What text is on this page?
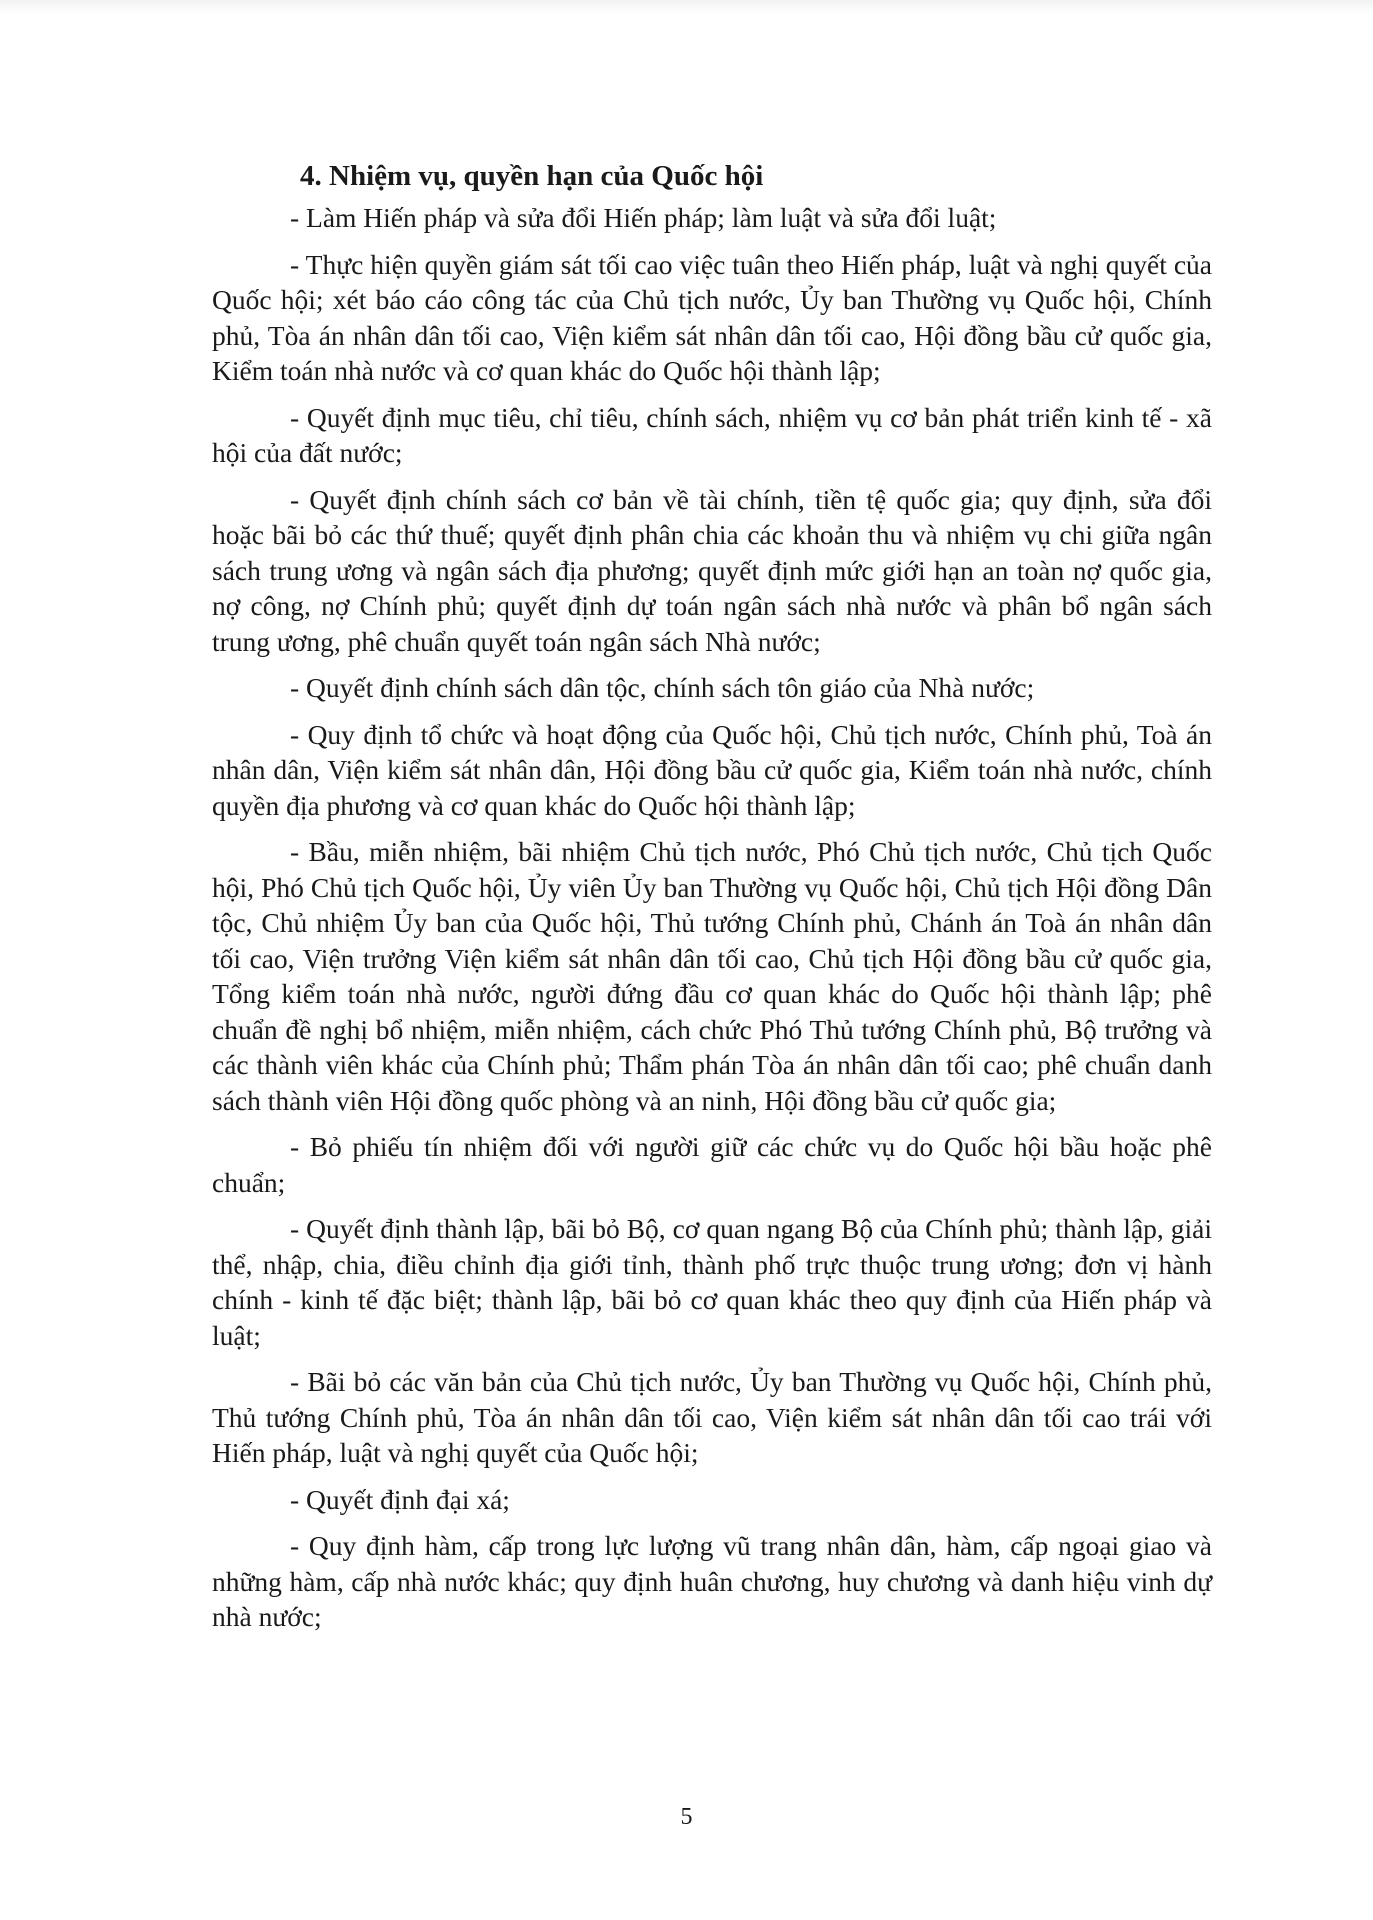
4. Nhiệm vụ, quyền hạn của Quốc hội

- Làm Hiến pháp và sửa đổi Hiến pháp; làm luật và sửa đổi luật;

- Thực hiện quyền giám sát tối cao việc tuân theo Hiến pháp, luật và nghị quyết của Quốc hội; xét báo cáo công tác của Chủ tịch nước, Ủy ban Thường vụ Quốc hội, Chính phủ, Tòa án nhân dân tối cao, Viện kiểm sát nhân dân tối cao, Hội đồng bầu cử quốc gia, Kiểm toán nhà nước và cơ quan khác do Quốc hội thành lập;

- Quyết định mục tiêu, chỉ tiêu, chính sách, nhiệm vụ cơ bản phát triển kinh tế - xã hội của đất nước;

- Quyết định chính sách cơ bản về tài chính, tiền tệ quốc gia; quy định, sửa đổi hoặc bãi bỏ các thứ thuế; quyết định phân chia các khoản thu và nhiệm vụ chi giữa ngân sách trung ương và ngân sách địa phương; quyết định mức giới hạn an toàn nợ quốc gia, nợ công, nợ Chính phủ; quyết định dự toán ngân sách nhà nước và phân bổ ngân sách trung ương, phê chuẩn quyết toán ngân sách Nhà nước;

- Quyết định chính sách dân tộc, chính sách tôn giáo của Nhà nước;

- Quy định tổ chức và hoạt động của Quốc hội, Chủ tịch nước, Chính phủ, Toà án nhân dân, Viện kiểm sát nhân dân, Hội đồng bầu cử quốc gia, Kiểm toán nhà nước, chính quyền địa phương và cơ quan khác do Quốc hội thành lập;

- Bầu, miễn nhiệm, bãi nhiệm Chủ tịch nước, Phó Chủ tịch nước, Chủ tịch Quốc hội, Phó Chủ tịch Quốc hội, Ủy viên Ủy ban Thường vụ Quốc hội, Chủ tịch Hội đồng Dân tộc, Chủ nhiệm Ủy ban của Quốc hội, Thủ tướng Chính phủ, Chánh án Toà án nhân dân tối cao, Viện trưởng Viện kiểm sát nhân dân tối cao, Chủ tịch Hội đồng bầu cử quốc gia, Tổng kiểm toán nhà nước, người đứng đầu cơ quan khác do Quốc hội thành lập; phê chuẩn đề nghị bổ nhiệm, miễn nhiệm, cách chức Phó Thủ tướng Chính phủ, Bộ trưởng và các thành viên khác của Chính phủ; Thẩm phán Tòa án nhân dân tối cao; phê chuẩn danh sách thành viên Hội đồng quốc phòng và an ninh, Hội đồng bầu cử quốc gia;

- Bỏ phiếu tín nhiệm đối với người giữ các chức vụ do Quốc hội bầu hoặc phê chuẩn;

- Quyết định thành lập, bãi bỏ Bộ, cơ quan ngang Bộ của Chính phủ; thành lập, giải thể, nhập, chia, điều chỉnh địa giới tỉnh, thành phố trực thuộc trung ương; đơn vị hành chính - kinh tế đặc biệt; thành lập, bãi bỏ cơ quan khác theo quy định của Hiến pháp và luật;

- Bãi bỏ các văn bản của Chủ tịch nước, Ủy ban Thường vụ Quốc hội, Chính phủ, Thủ tướng Chính phủ, Tòa án nhân dân tối cao, Viện kiểm sát nhân dân tối cao trái với Hiến pháp, luật và nghị quyết của Quốc hội;

- Quyết định đại xá;

- Quy định hàm, cấp trong lực lượng vũ trang nhân dân, hàm, cấp ngoại giao và những hàm, cấp nhà nước khác; quy định huân chương, huy chương và danh hiệu vinh dự nhà nước;

5
